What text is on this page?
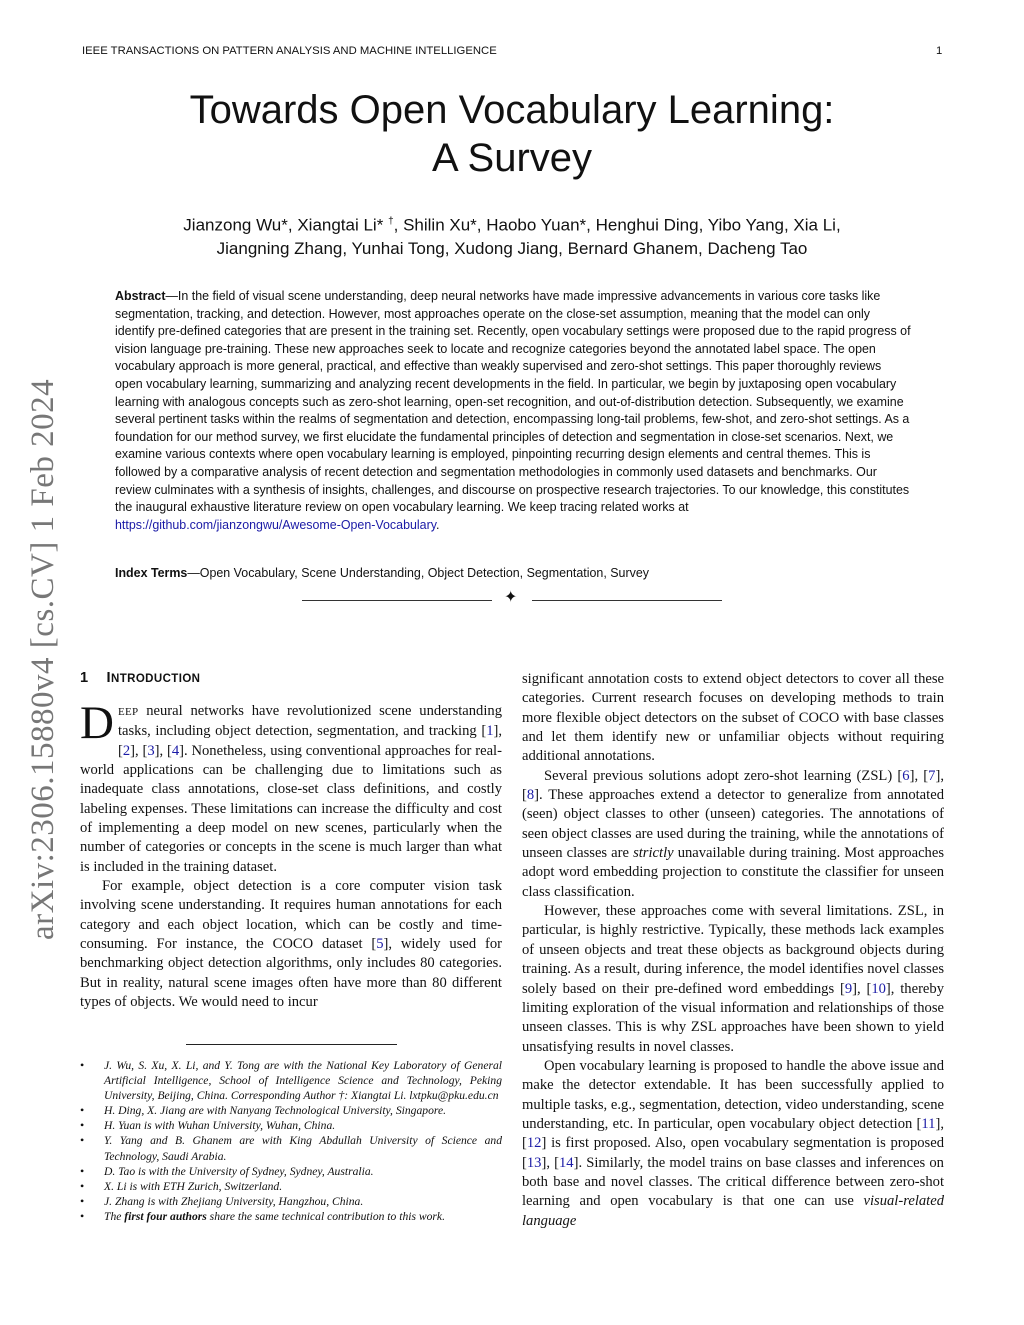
IEEE TRANSACTIONS ON PATTERN ANALYSIS AND MACHINE INTELLIGENCE	1
Towards Open Vocabulary Learning:
A Survey
Jianzong Wu*, Xiangtai Li* †, Shilin Xu*, Haobo Yuan*, Henghui Ding, Yibo Yang, Xia Li,
Jiangning Zhang, Yunhai Tong, Xudong Jiang, Bernard Ghanem, Dacheng Tao
Abstract—In the field of visual scene understanding, deep neural networks have made impressive advancements in various core tasks like segmentation, tracking, and detection. However, most approaches operate on the close-set assumption, meaning that the model can only identify pre-defined categories that are present in the training set. Recently, open vocabulary settings were proposed due to the rapid progress of vision language pre-training. These new approaches seek to locate and recognize categories beyond the annotated label space. The open vocabulary approach is more general, practical, and effective than weakly supervised and zero-shot settings. This paper thoroughly reviews open vocabulary learning, summarizing and analyzing recent developments in the field. In particular, we begin by juxtaposing open vocabulary learning with analogous concepts such as zero-shot learning, open-set recognition, and out-of-distribution detection. Subsequently, we examine several pertinent tasks within the realms of segmentation and detection, encompassing long-tail problems, few-shot, and zero-shot settings. As a foundation for our method survey, we first elucidate the fundamental principles of detection and segmentation in close-set scenarios. Next, we examine various contexts where open vocabulary learning is employed, pinpointing recurring design elements and central themes. This is followed by a comparative analysis of recent detection and segmentation methodologies in commonly used datasets and benchmarks. Our review culminates with a synthesis of insights, challenges, and discourse on prospective research trajectories. To our knowledge, this constitutes the inaugural exhaustive literature review on open vocabulary learning. We keep tracing related works at https://github.com/jianzongwu/Awesome-Open-Vocabulary.
Index Terms—Open Vocabulary, Scene Understanding, Object Detection, Segmentation, Survey
✦
arXiv:2306.15880v4 [cs.CV] 1 Feb 2024 1 INTRODUCTION

DEEP neural networks have revolutionized scene understanding tasks, including object detection, segmentation, and tracking [1], [2], [3], [4]. Nonetheless, using conventional approaches for real-world applications can be challenging due to limitations such as inadequate class annotations, close-set class definitions, and costly labeling expenses. These limitations can increase the difficulty and cost of implementing a deep model on new scenes, particularly when the number of categories or concepts in the scene is much larger than what is included in the training dataset.

For example, object detection is a core computer vision task involving scene understanding. It requires human annotations for each category and each object location, which can be costly and time-consuming. For instance, the COCO dataset [5], widely used for benchmarking object detection algorithms, only includes 80 categories. But in reality, natural scene images often have more than 80 different types of objects. We would need to incur

• J. Wu, S. Xu, X. Li, and Y. Tong are with the National Key Laboratory of General Artificial Intelligence, School of Intelligence Science and Technology, Peking University, Beijing, China. Corresponding Author †: Xiangtai Li. lxtpku@pku.edu.cn
• H. Ding, X. Jiang are with Nanyang Technological University, Singapore.
• H. Yuan is with Wuhan University, Wuhan, China.
• Y. Yang and B. Ghanem are with King Abdullah University of Science and Technology, Saudi Arabia.
• D. Tao is with the University of Sydney, Sydney, Australia.
• X. Li is with ETH Zurich, Switzerland.
• J. Zhang is with Zhejiang University, Hangzhou, China.
• The first four authors share the same technical contribution to this work.

significant annotation costs to extend object detectors to cover all these categories. Current research focuses on developing methods to train more flexible object detectors on the subset of COCO with base classes and let them identify new or unfamiliar objects without requiring additional annotations.

Several previous solutions adopt zero-shot learning (ZSL) [6], [7], [8]. These approaches extend a detector to generalize from annotated (seen) object classes to other (unseen) categories. The annotations of seen object classes are used during the training, while the annotations of unseen classes are strictly unavailable during training. Most approaches adopt word embedding projection to constitute the classifier for unseen class classification.

However, these approaches come with several limitations. ZSL, in particular, is highly restrictive. Typically, these methods lack examples of unseen objects and treat these objects as background objects during training. As a result, during inference, the model identifies novel classes solely based on their pre-defined word embeddings [9], [10], thereby limiting exploration of the visual information and relationships of those unseen classes. This is why ZSL approaches have been shown to yield unsatisfying results in novel classes.

Open vocabulary learning is proposed to handle the above issue and make the detector extendable. It has been successfully applied to multiple tasks, e.g., segmentation, detection, video understanding, scene understanding, etc. In particular, open vocabulary object detection [11], [12] is first proposed. Also, open vocabulary segmentation is proposed [13], [14]. Similarly, the model trains on base classes and inferences on both base and novel classes. The critical difference between zero-shot learning and open vocabulary is that one can use visual-related language
